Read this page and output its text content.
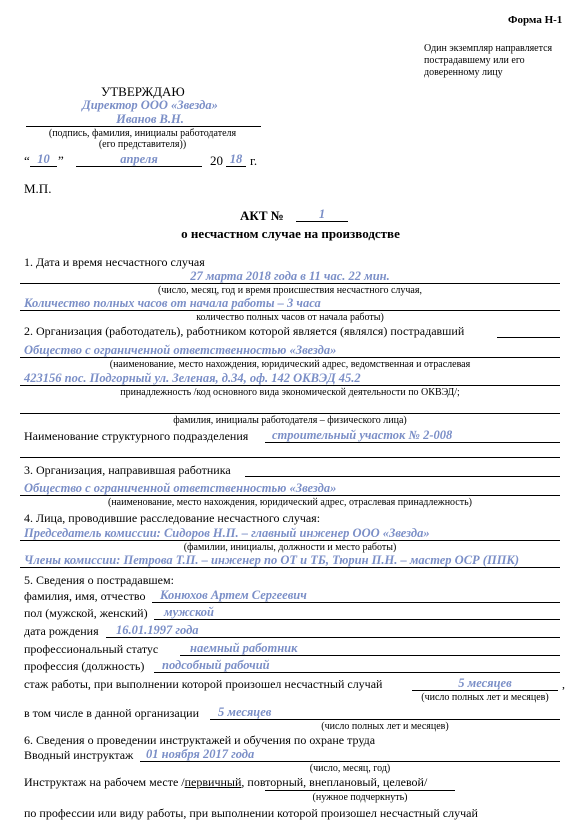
Форма Н-1
Один экземпляр направляется
пострадавшему или его
доверенному лицу
УТВЕРЖДАЮ
Директор ООО «Звезда»
Иванов В.Н.
(подпись, фамилия, инициалы работодателя
(его представителя))
“ 10 ”	апреля	20 18 г.
М.П.
АКТ №	1
о несчастном случае на производстве
1. Дата и время несчастного случая
27 марта 2018 года в 11 час. 22 мин.
(число, месяц, год и время происшествия несчастного случая,
Количество полных часов от начала работы – 3 часа
количество полных часов от начала работы)
2. Организация (работодатель), работником которой является (являлся) пострадавший
Общество с ограниченной ответственностью «Звезда»
(наименование, место нахождения, юридический адрес, ведомственная и отраслевая
423156 пос. Подгорный ул. Зеленая, д.34, оф. 142 ОКВЭД 45.2
принадлежность /код основного вида экономической деятельности по ОКВЭД/;
фамилия, инициалы работодателя – физического лица)
Наименование структурного подразделения строительный участок № 2-008
3. Организация, направившая работника
Общество с ограниченной ответственностью «Звезда»
(наименование, место нахождения, юридический адрес, отраслевая принадлежность)
4. Лица, проводившие расследование несчастного случая:
Председатель комиссии: Сидоров Н.П. – главный инженер ООО «Звезда»
(фамилии, инициалы, должности и место работы)
Члены комиссии: Петрова Т.П. – инженер по ОТ и ТБ, Тюрин П.Н. – мастер ОСР (ППК)
5. Сведения о пострадавшем:
фамилия, имя, отчество Конюхов Артем Сергеевич
пол (мужской, женский) мужской
дата рождения 16.01.1997 года
профессиональный статус	наемный работник
профессия (должность) подсобный рабочий
стаж работы, при выполнении которой произошел несчастный случай	5 месяцев	,
(число полных лет и месяцев)
в том числе в данной организации 5 месяцев
(число полных лет и месяцев)
6. Сведения о проведении инструктажей и обучения по охране труда
Вводный инструктаж 01 ноября 2017 года
(число, месяц, год)
Инструктаж на рабочем месте /первичный, повторный, внеплановый, целевой/
(нужное подчеркнуть)
по профессии или виду работы, при выполнении которой произошел несчастный случай
